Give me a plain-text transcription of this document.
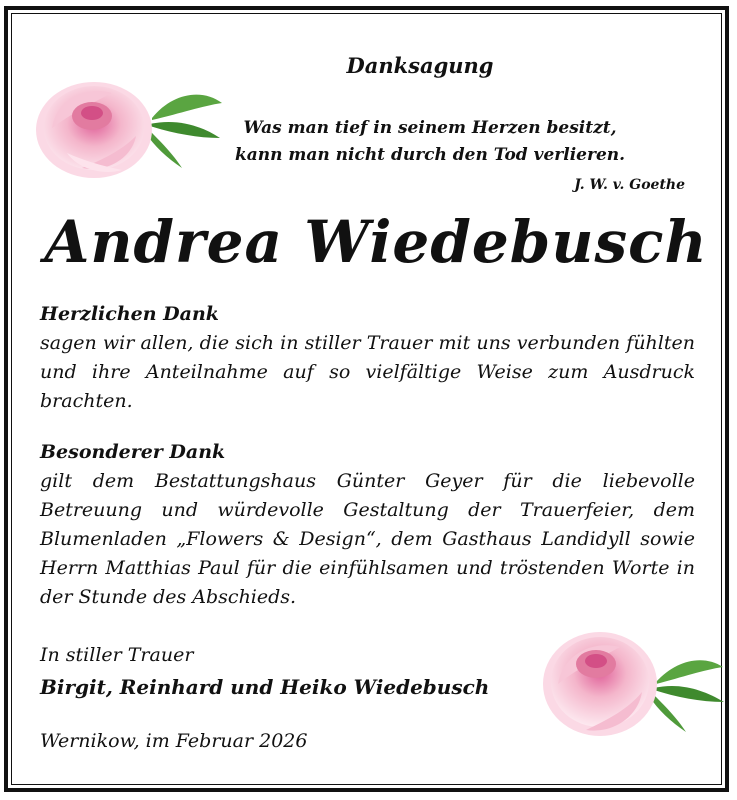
Danksagung
Was man tief in seinem Herzen besitzt,
kann man nicht durch den Tod verlieren.
J. W. v. Goethe
Andrea Wiedebusch
Herzlichen Dank
sagen wir allen, die sich in stiller Trauer mit uns verbunden fühlten und ihre Anteilnahme auf so vielfältige Weise zum Ausdruck brachten.
Besonderer Dank
gilt dem Bestattungshaus Günter Geyer für die liebevolle Betreuung und würdevolle Gestaltung der Trauerfeier, dem Blumenladen „Flowers & Design“, dem Gasthaus Landidyll sowie Herrn Matthias Paul für die einfühlsamen und tröstenden Worte in der Stunde des Abschieds.
In stiller Trauer
Birgit, Reinhard und Heiko Wiedebusch
Wernikow, im Februar 2026
